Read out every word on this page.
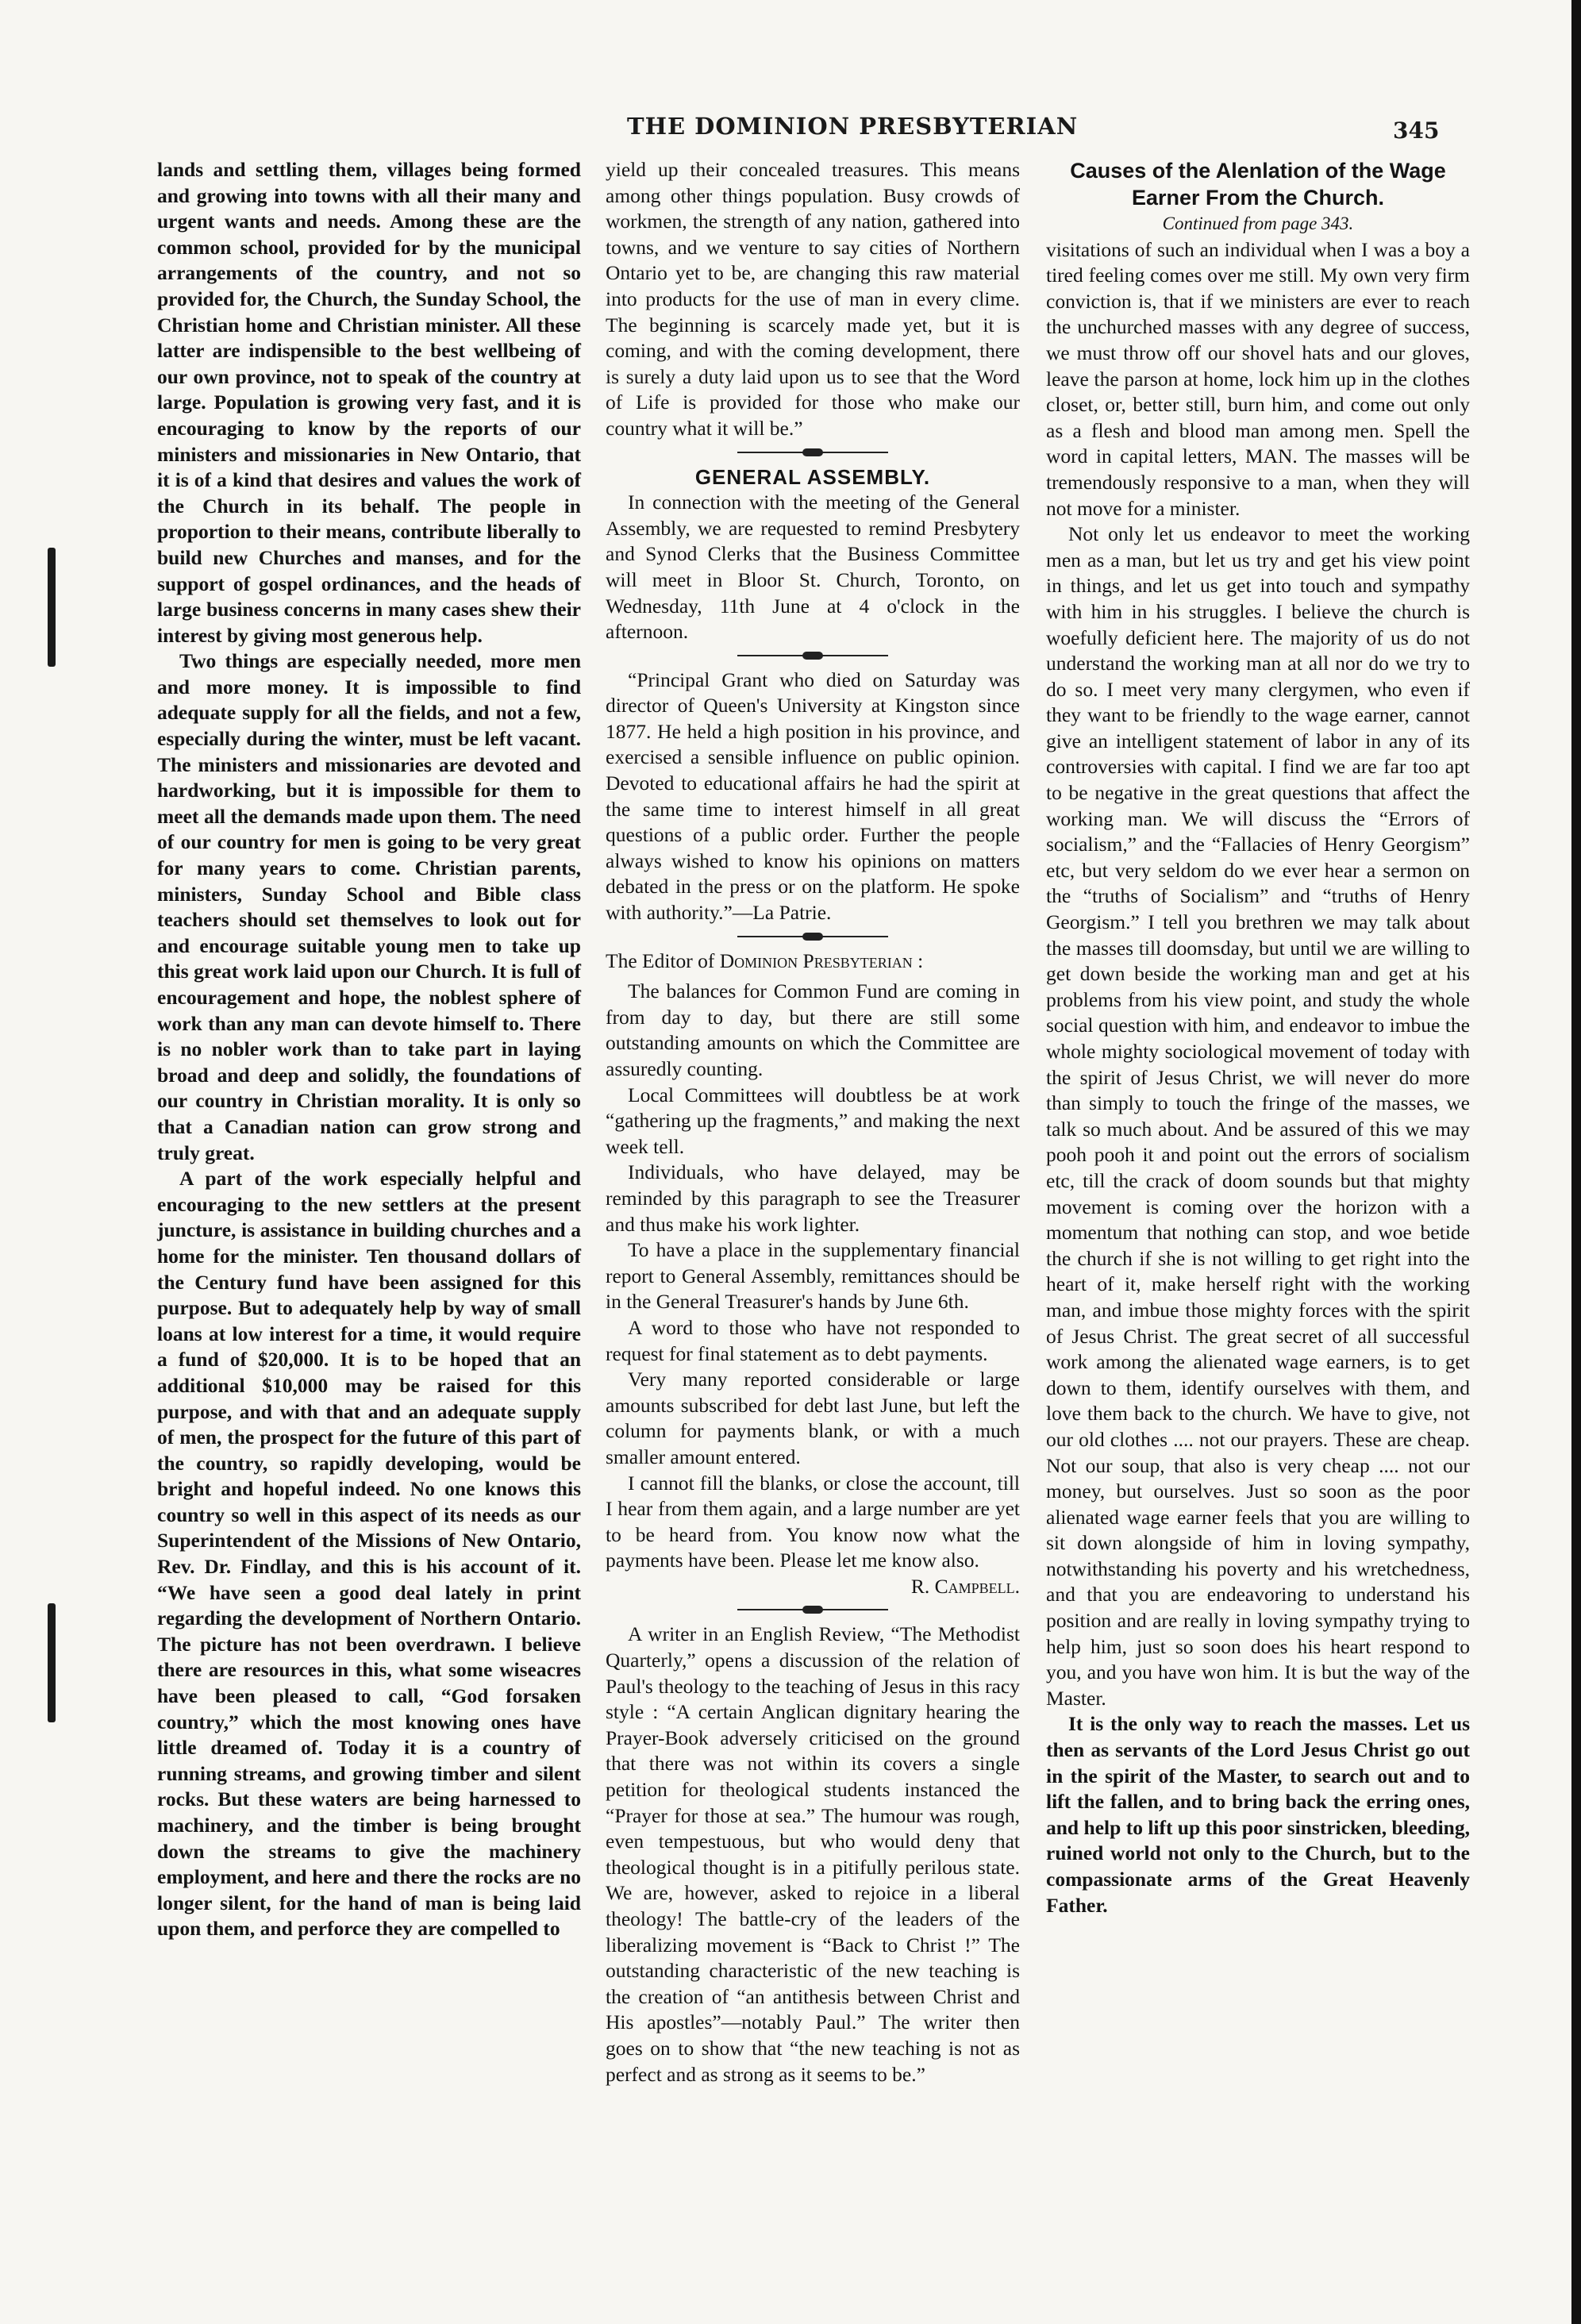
THE DOMINION PRESBYTERIAN	345

lands and settling them, villages being formed and growing into towns with all their many and urgent wants and needs. Among these are the common school, provided for by the municipal arrangements of the country, and not so provided for, the Church, the Sunday School, the Christian home and Christian minister. All these latter are indispensible to the best wellbeing of our own province, not to speak of the country at large. Population is growing very fast, and it is encouraging to know by the reports of our ministers and missionaries in New Ontario, that it is of a kind that desires and values the work of the Church in its behalf. The people in proportion to their means, contribute liberally to build new Churches and manses, and for the support of gospel ordinances, and the heads of large business concerns in many cases shew their interest by giving most generous help.

Two things are especially needed, more men and more money. It is impossible to find adequate supply for all the fields, and not a few, especially during the winter, must be left vacant. The ministers and missionaries are devoted and hardworking, but it is impossible for them to meet all the demands made upon them. The need of our country for men is going to be very great for many years to come. Christian parents, ministers, Sunday School and Bible class teachers should set themselves to look out for and encourage suitable young men to take up this great work laid upon our Church. It is full of encouragement and hope, the noblest sphere of work than any man can devote himself to. There is no nobler work than to take part in laying broad and deep and solidly, the foundations of our country in Christian morality. It is only so that a Canadian nation can grow strong and truly great.

A part of the work especially helpful and encouraging to the new settlers at the present juncture, is assistance in building churches and a home for the minister. Ten thousand dollars of the Century fund have been assigned for this purpose. But to adequately help by way of small loans at low interest for a time, it would require a fund of $20,000. It is to be hoped that an additional $10,000 may be raised for this purpose, and with that and an adequate supply of men, the prospect for the future of this part of the country, so rapidly developing, would be bright and hopeful indeed. No one knows this country so well in this aspect of its needs as our Superintendent of the Missions of New Ontario, Rev. Dr. Findlay, and this is his account of it. “We have seen a good deal lately in print regarding the development of Northern Ontario. The picture has not been overdrawn. I believe there are resources in this, what some wiseacres have been pleased to call, “God forsaken country,” which the most knowing ones have little dreamed of. Today it is a country of running streams, and growing timber and silent rocks. But these waters are being harnessed to machinery, and the timber is being brought down the streams to give the machinery employment, and here and there the rocks are no longer silent, for the hand of man is being laid upon them, and perforce they are compelled to

yield up their concealed treasures. This means among other things population. Busy crowds of workmen, the strength of any nation, gathered into towns, and we venture to say cities of Northern Ontario yet to be, are changing this raw material into products for the use of man in every clime. The beginning is scarcely made yet, but it is coming, and with the coming development, there is surely a duty laid upon us to see that the Word of Life is provided for those who make our country what it will be.”

GENERAL ASSEMBLY.

In connection with the meeting of the General Assembly, we are requested to remind Presbytery and Synod Clerks that the Business Committee will meet in Bloor St. Church, Toronto, on Wednesday, 11th June at 4 o'clock in the afternoon.

“Principal Grant who died on Saturday was director of Queen's University at Kingston since 1877. He held a high position in his province, and exercised a sensible influence on public opinion. Devoted to educational affairs he had the spirit at the same time to interest himself in all great questions of a public order. Further the people always wished to know his opinions on matters debated in the press or on the platform. He spoke with authority.”—La Patrie.

The Editor of Dominion Presbyterian :

The balances for Common Fund are coming in from day to day, but there are still some outstanding amounts on which the Committee are assuredly counting.

Local Committees will doubtless be at work “gathering up the fragments,” and making the next week tell.

Individuals, who have delayed, may be reminded by this paragraph to see the Treasurer and thus make his work lighter.

To have a place in the supplementary financial report to General Assembly, remittances should be in the General Treasurer's hands by June 6th.

A word to those who have not responded to request for final statement as to debt payments.

Very many reported considerable or large amounts subscribed for debt last June, but left the column for payments blank, or with a much smaller amount entered.

I cannot fill the blanks, or close the account, till I hear from them again, and a large number are yet to be heard from. You know now what the payments have been. Please let me know also.

R. Campbell.

A writer in an English Review, “The Methodist Quarterly,” opens a discussion of the relation of Paul's theology to the teaching of Jesus in this racy style : “A certain Anglican dignitary hearing the Prayer-Book adversely criticised on the ground that there was not within its covers a single petition for theological students instanced the “Prayer for those at sea.” The humour was rough, even tempestuous, but who would deny that theological thought is in a pitifully perilous state. We are, however, asked to rejoice in a liberal theology! The battle-cry of the leaders of the liberalizing movement is “Back to Christ !” The outstanding characteristic of the new teaching is the creation of “an antithesis between Christ and His apostles”—notably Paul.” The writer then goes on to show that “the new teaching is not as perfect and as strong as it seems to be.”

Causes of the Alenlation of the Wage Earner From the Church.

Continued from page 343.

visitations of such an individual when I was a boy a tired feeling comes over me still. My own very firm conviction is, that if we ministers are ever to reach the unchurched masses with any degree of success, we must throw off our shovel hats and our gloves, leave the parson at home, lock him up in the clothes closet, or, better still, burn him, and come out only as a flesh and blood man among men. Spell the word in capital letters, MAN. The masses will be tremendously responsive to a man, when they will not move for a minister.

Not only let us endeavor to meet the working men as a man, but let us try and get his view point in things, and let us get into touch and sympathy with him in his struggles. I believe the church is woefully deficient here. The majority of us do not understand the working man at all nor do we try to do so. I meet very many clergymen, who even if they want to be friendly to the wage earner, cannot give an intelligent statement of labor in any of its controversies with capital. I find we are far too apt to be negative in the great questions that affect the working man. We will discuss the “Errors of socialism,” and the “Fallacies of Henry Georgism” etc, but very seldom do we ever hear a sermon on the “truths of Socialism” and “truths of Henry Georgism.” I tell you brethren we may talk about the masses till doomsday, but until we are willing to get down beside the working man and get at his problems from his view point, and study the whole social question with him, and endeavor to imbue the whole mighty sociological movement of today with the spirit of Jesus Christ, we will never do more than simply to touch the fringe of the masses, we talk so much about. And be assured of this we may pooh pooh it and point out the errors of socialism etc, till the crack of doom sounds but that mighty movement is coming over the horizon with a momentum that nothing can stop, and woe betide the church if she is not willing to get right into the heart of it, make herself right with the working man, and imbue those mighty forces with the spirit of Jesus Christ. The great secret of all successful work among the alienated wage earners, is to get down to them, identify ourselves with them, and love them back to the church. We have to give, not our old clothes .... not our prayers. These are cheap. Not our soup, that also is very cheap .... not our money, but ourselves. Just so soon as the poor alienated wage earner feels that you are willing to sit down alongside of him in loving sympathy, notwithstanding his poverty and his wretchedness, and that you are endeavoring to understand his position and are really in loving sympathy trying to help him, just so soon does his heart respond to you, and you have won him. It is but the way of the Master.

It is the only way to reach the masses. Let us then as servants of the Lord Jesus Christ go out in the spirit of the Master, to search out and to lift the fallen, and to bring back the erring ones, and help to lift up this poor sinstricken, bleeding, ruined world not only to the Church, but to the compassionate arms of the Great Heavenly Father.
